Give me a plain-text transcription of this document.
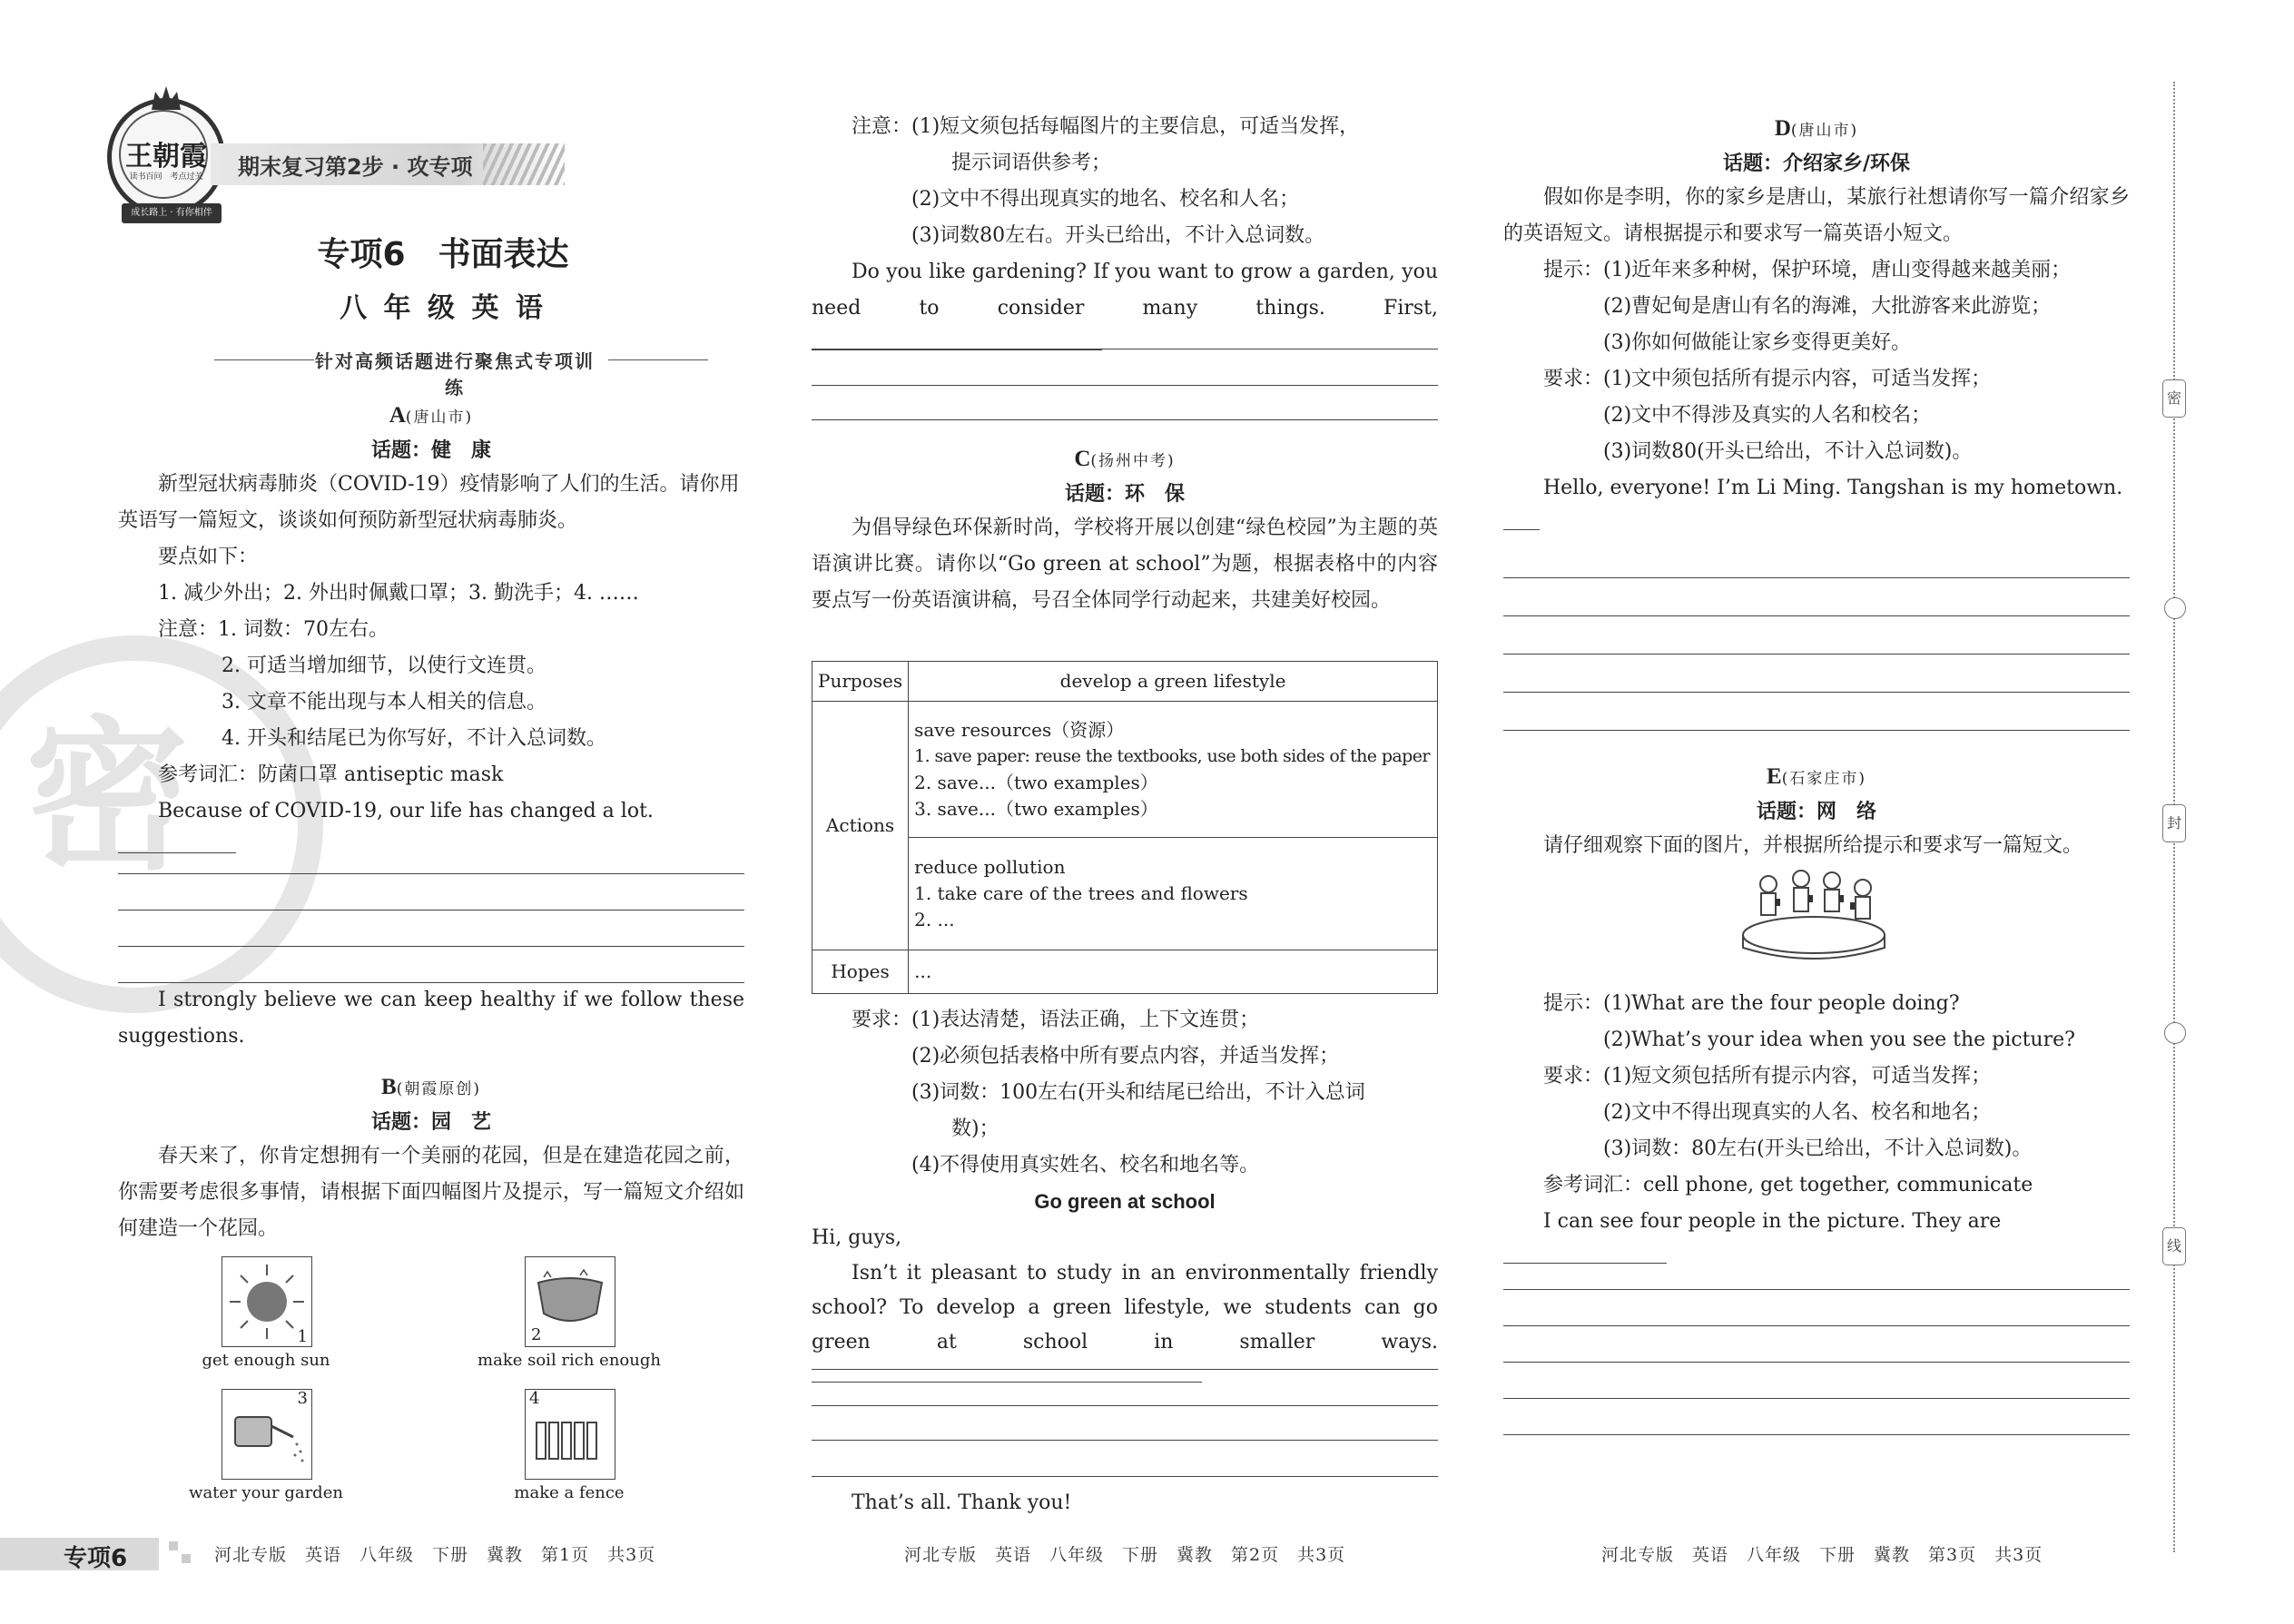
王朝霞
读书百问　 考点过关
成长路上 · 有你相伴
期末复习第2步 · 攻专项
专项6　书面表达
八 年 级 英 语
针对高频话题进行聚焦式专项训练
密
A(唐山市)
话题：健　康

新型冠状病毒肺炎（COVID-19）疫情影响了人们的生活。请你用英语写一篇短文，谈谈如何预防新型冠状病毒肺炎。

要点如下：

1. 减少外出；2. 外出时佩戴口罩；3. 勤洗手；4. ……

注意：1. 词数：70左右。

2. 可适当增加细节，以使行文连贯。

3. 文章不能出现与本人相关的信息。

4. 开头和结尾已为你写好，不计入总词数。

参考词汇：防菌口罩 antiseptic mask

Because of COVID-19, our life has changed a lot.

I strongly believe we can keep healthy if we follow these suggestions.

B(朝霞原创)
话题：园　艺

春天来了，你肯定想拥有一个美丽的花园，但是在建造花园之前，你需要考虑很多事情，请根据下面四幅图片及提示，写一篇短文介绍如何建造一个花园。

1
get enough sun
2
make soil rich enough
3
water your garden
4
make a fence

注意：(1)短文须包括每幅图片的主要信息，可适当发挥，

提示词语供参考；

(2)文中不得出现真实的地名、校名和人名；

(3)词数80左右。开头已给出，不计入总词数。

Do you like gardening? If you want to grow a garden, you need to consider many things. First,

C(扬州中考)
话题：环　保

为倡导绿色环保新时尚，学校将开展以创建“绿色校园”为主题的英语演讲比赛。请你以“Go green at school”为题，根据表格中的内容要点写一份英语演讲稿，号召全体同学行动起来，共建美好校园。

Purposes	develop a green lifestyle
Actions	save resources（资源）
1. save paper: reuse the textbooks, use both sides of the paper
2. save...（two examples）
3. save...（two examples）

	reduce pollution
1. take care of the trees and flowers
2. ...

Hopes	...

要求：(1)表达清楚，语法正确，上下文连贯；

(2)必须包括表格中所有要点内容，并适当发挥；

(3)词数：100左右(开头和结尾已给出，不计入总词

数)；

(4)不得使用真实姓名、校名和地名等。

Go green at school

Hi, guys,

Isn’t it pleasant to study in an environmentally friendly school? To develop a green lifestyle, we students can go green at school in smaller ways.

That’s all. Thank you!

D(唐山市)
话题：介绍家乡/环保

假如你是李明，你的家乡是唐山，某旅行社想请你写一篇介绍家乡的英语短文。请根据提示和要求写一篇英语小短文。

提示：(1)近年来多种树，保护环境，唐山变得越来越美丽；

(2)曹妃甸是唐山有名的海滩，大批游客来此游览；

(3)你如何做能让家乡变得更美好。

要求：(1)文中须包括所有提示内容，可适当发挥；

(2)文中不得涉及真实的人名和校名；

(3)词数80(开头已给出，不计入总词数)。

Hello, everyone! I’m Li Ming. Tangshan is my hometown.

E(石家庄市)
话题：网　络

请仔细观察下面的图片，并根据所给提示和要求写一篇短文。

提示：(1)What are the four people doing?

(2)What’s your idea when you see the picture?

要求：(1)短文须包括所有提示内容，可适当发挥；

(2)文中不得出现真实的人名、校名和地名；

(3)词数：80左右(开头已给出，不计入总词数)。

参考词汇：cell phone, get together, communicate

I can see four people in the picture. They are

密
封
线
专项6	河北专版　英语　八年级　下册　冀教　第1页　共3页	河北专版　英语　八年级　下册　冀教　第2页　共3页	河北专版　英语　八年级　下册　冀教　第3页　共3页
